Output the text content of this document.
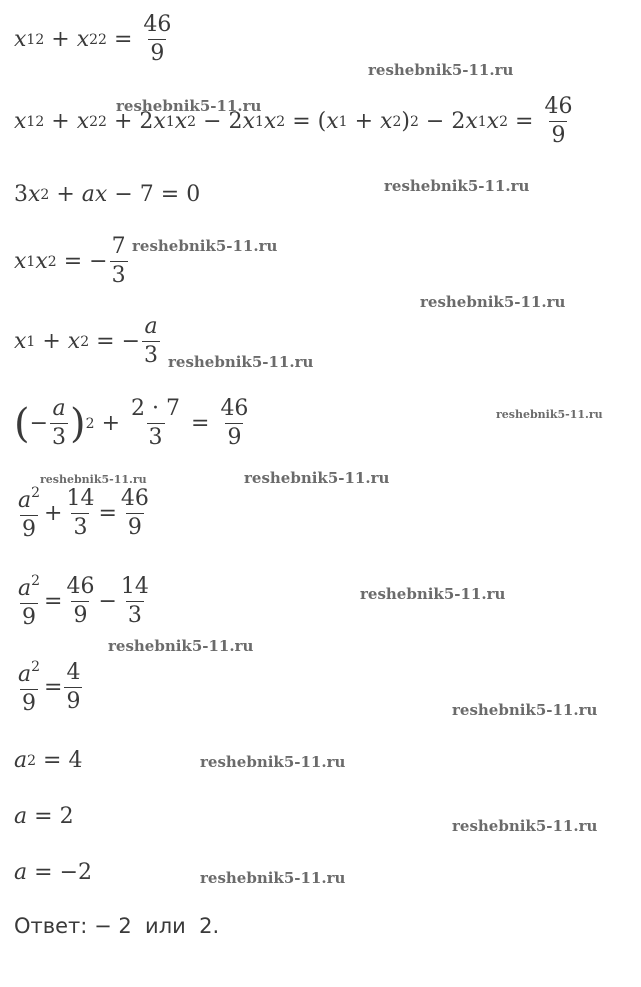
x 1 2 + x 2 $2 = \frac{46}{9}$
x 1 2 + x 2 2 + 2 x 1 x 2 − 2 x 1 x 2 = ( x 1 + x 2 ) 2 − 2 x 1 x $2 = \frac{46}{9}$
3 x 2 + a x − 7 = 0
x 1 x 2 = − $\frac{7}{3}$
x 1 + x 2 = − $\frac{a}{3}$
( − $\frac{a}{3}$ ) $2 + \frac{2 \cdot 7}{3} = \frac{46}{9}$
$\frac{a^2}{9} + \frac{14}{3} = \frac{46}{9}$
$\frac{a^2}{9} = \frac{46}{9} - \frac{14}{3}$
$\frac{a^2}{9} = \frac{4}{9}$
a 2 = 4
a = 2
a = − 2
Ответ: − 2  или  2.
reshebnik5-11.ru
reshebnik5-11.ru
reshebnik5-11.ru
reshebnik5-11.ru
reshebnik5-11.ru
reshebnik5-11.ru
reshebnik5-11.ru
reshebnik5-11.ru	reshebnik5-11.ru
reshebnik5-11.ru
reshebnik5-11.ru
reshebnik5-11.ru
reshebnik5-11.ru
reshebnik5-11.ru
reshebnik5-11.ru
